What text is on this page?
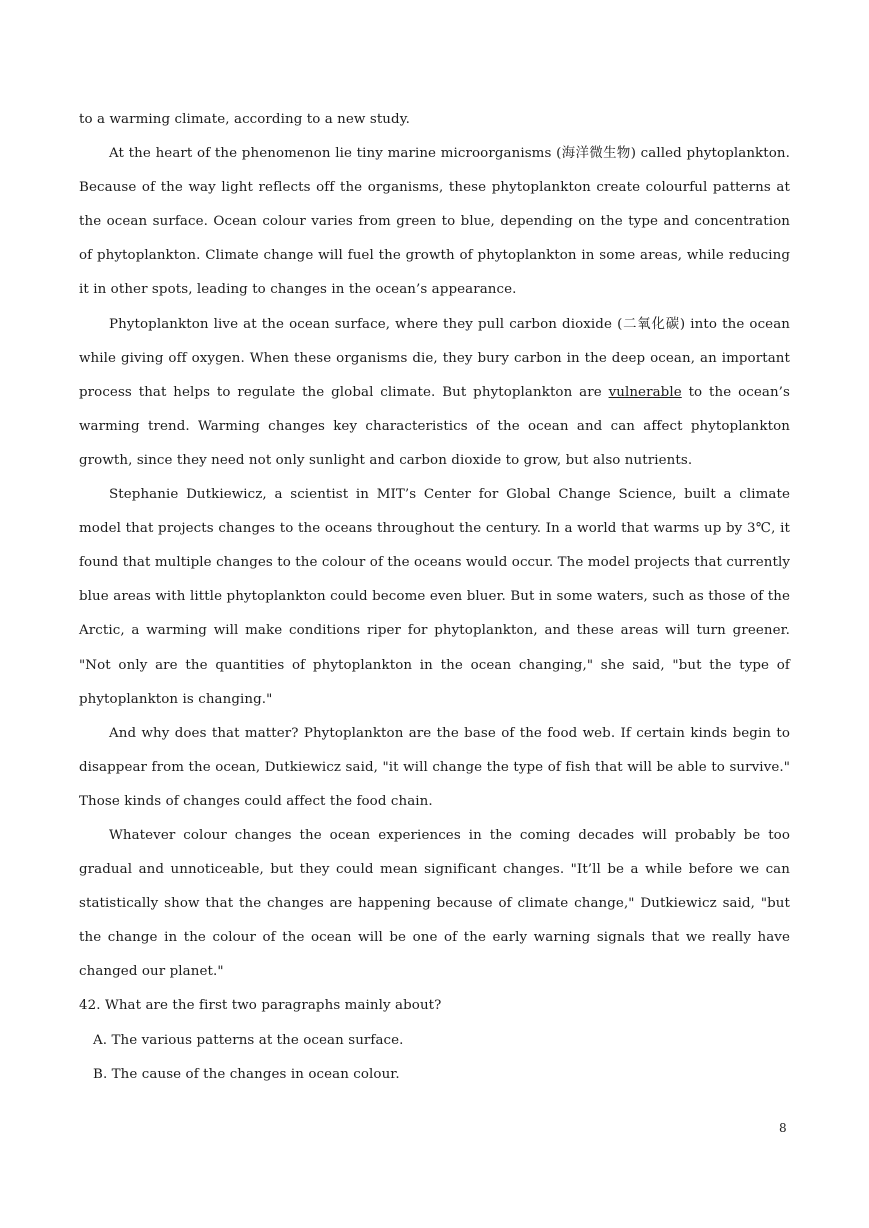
to a warming climate, according to a new study.

At the heart of the phenomenon lie tiny marine microorganisms (海洋微生物) called phytoplankton. Because of the way light reflects off the organisms, these phytoplankton create colourful patterns at the ocean surface. Ocean colour varies from green to blue, depending on the type and concentration of phytoplankton. Climate change will fuel the growth of phytoplankton in some areas, while reducing it in other spots, leading to changes in the ocean’s appearance.

Phytoplankton live at the ocean surface, where they pull carbon dioxide (二氧化碳) into the ocean while giving off oxygen. When these organisms die, they bury carbon in the deep ocean, an important process that helps to regulate the global climate. But phytoplankton are vulnerable to the ocean’s warming trend. Warming changes key characteristics of the ocean and can affect phytoplankton growth, since they need not only sunlight and carbon dioxide to grow, but also nutrients.

Stephanie Dutkiewicz, a scientist in MIT’s Center for Global Change Science, built a climate model that projects changes to the oceans throughout the century. In a world that warms up by 3℃, it found that multiple changes to the colour of the oceans would occur. The model projects that currently blue areas with little phytoplankton could become even bluer. But in some waters, such as those of the Arctic, a warming will make conditions riper for phytoplankton, and these areas will turn greener. "Not only are the quantities of phytoplankton in the ocean changing," she said, "but the type of phytoplankton is changing."

And why does that matter? Phytoplankton are the base of the food web. If certain kinds begin to disappear from the ocean, Dutkiewicz said, "it will change the type of fish that will be able to survive." Those kinds of changes could affect the food chain.

Whatever colour changes the ocean experiences in the coming decades will probably be too gradual and unnoticeable, but they could mean significant changes. "It’ll be a while before we can statistically show that the changes are happening because of climate change," Dutkiewicz said, "but the change in the colour of the ocean will be one of the early warning signals that we really have changed our planet."

42. What are the first two paragraphs mainly about?

A. The various patterns at the ocean surface.

B. The cause of the changes in ocean colour.

8
